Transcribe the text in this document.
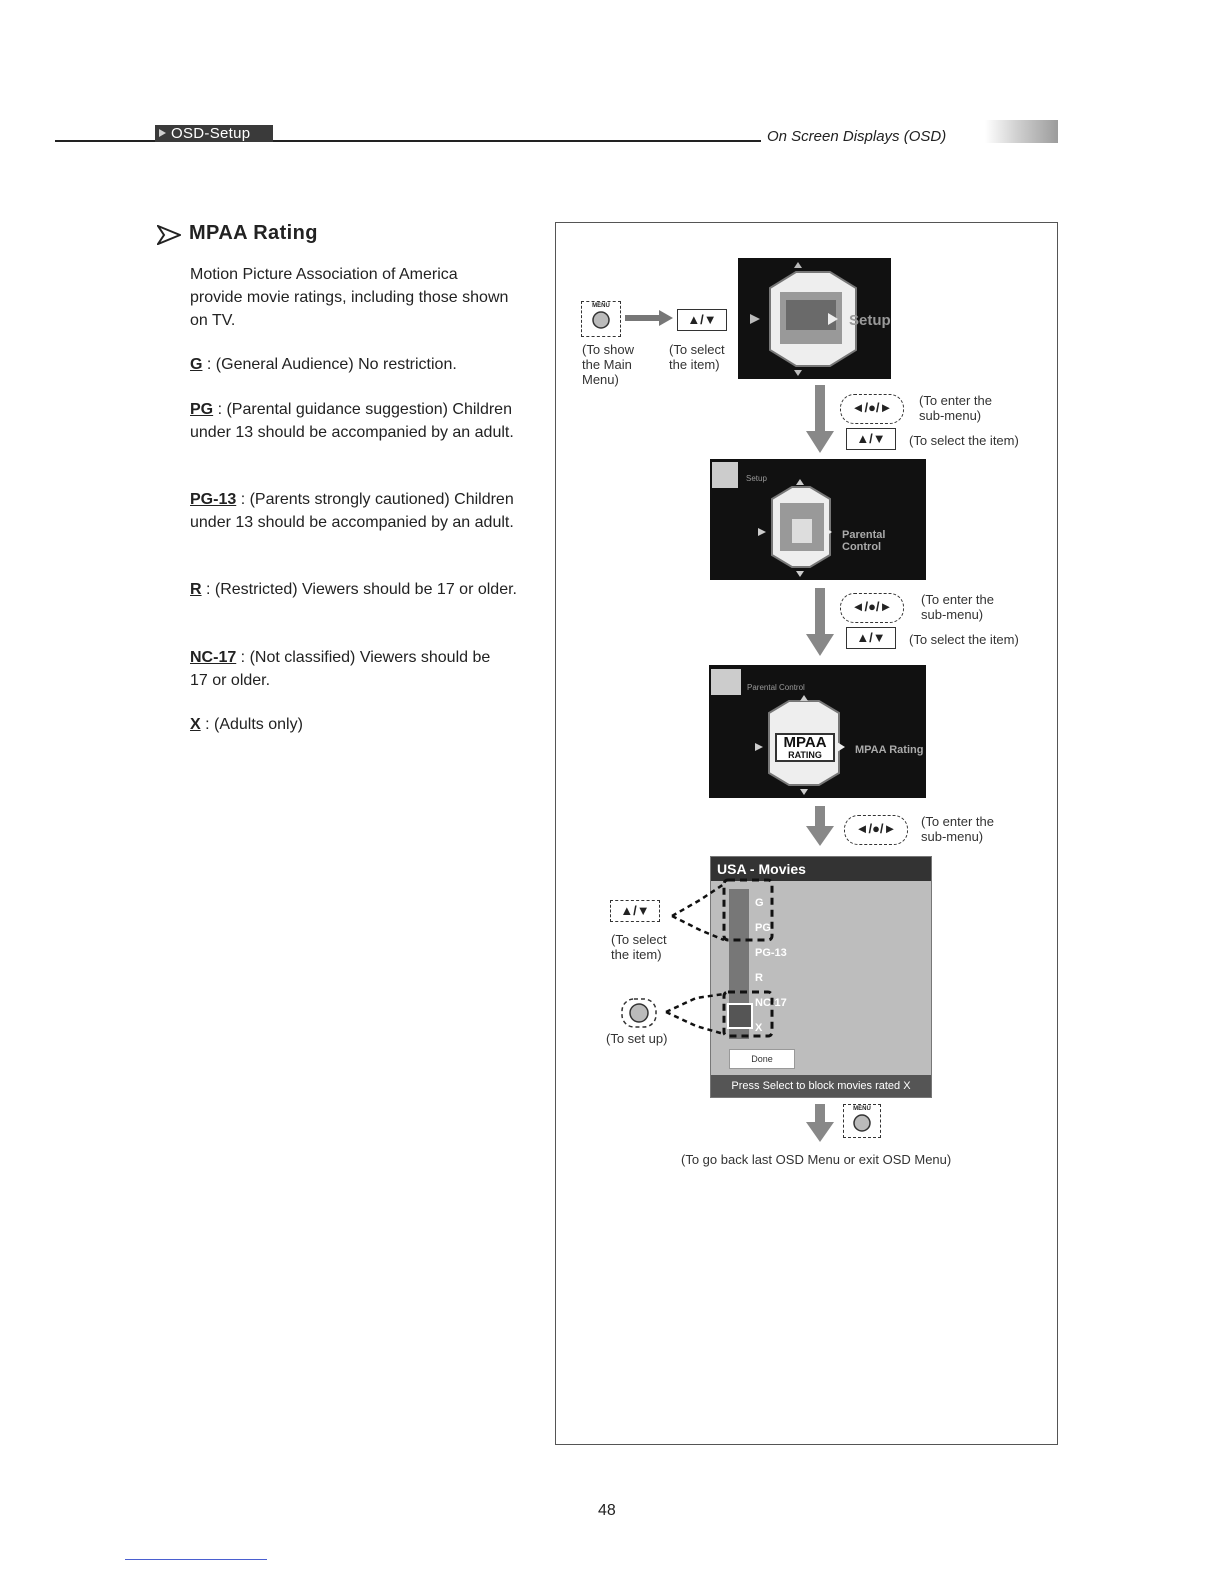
OSD-Setup	On Screen Displays (OSD)
MPAA Rating
Motion Picture Association of America provide movie ratings, including those shown on TV.
G : (General Audience) No restriction.
PG : (Parental guidance suggestion) Children under 13 should be accompanied by an adult.
PG-13 : (Parents strongly cautioned) Children under 13 should be accompanied by an adult.
R : (Restricted) Viewers should be 17 or older.
NC-17 : (Not classified) Viewers should be 17 or older.
X : (Adults only)
MENU
▲/▼
(To show the Main Menu)
(To select the item)
Setup
◄/●/►	(To enter the sub-menu)
▲/▼	(To select the item)
Setup
Parental Control
◄/●/►	(To enter the sub-menu)
▲/▼	(To select the item)
MPAA
RATING
Parental Control
MPAA Rating
◄/●/►	(To enter the sub-menu)
USA - Movies
G
PG
PG-13
R
NC-17
X
Done
Press Select to block movies rated X
▲/▼
(To select the item)
(To set up)
MENU
(To go back last OSD Menu or exit OSD Menu)
48
